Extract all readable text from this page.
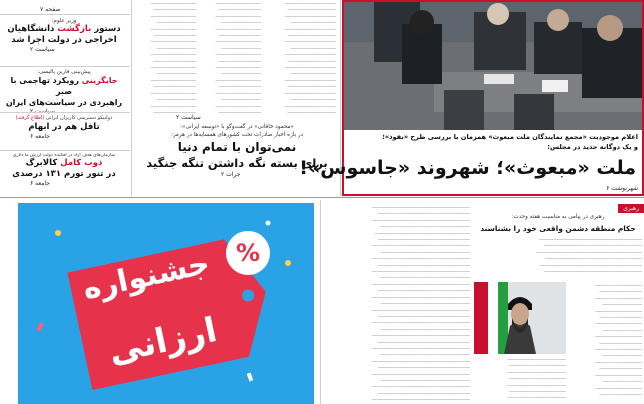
صفحه ۷
وزیر علوم:
دستور بازگشت دانشگاهیان
اخراجی در دولت اجرا شد
سیاست ۲
پیش‌بینی فارین پالیسی:
جایگزینی رویکرد تهاجمی با صبر
راهبردی در سیاست‌های ایران
دولتیکو دسترسی کارپزان ایرانی (اطلاع گرفته)
تافل هم در ابهام
جامعه ۶
سازمان‌های هدف آزاد در افکنده دولت ارزش ما دلاری
ذوب کامل کالابرگ
در تنور تورم ۱۳۱ درصدی
جامعه ۶
ـــــــــــــــــــــــــــــــ
ـــــــــــــــــــــــــــــ
ـــــــــــــــــــــــــــــــ
ـــــــــــــــــــــــــــ
ـــــــــــــــــــــــــــــــ
ـــــــــــــــــــــــــــــ
ـــــــــــــــــــــــــــــــ
ـــــــــــــــــــــــــــ
ـــــــــــــــــــــــــــــــ
ـــــــــــــــــــــــــــــ
ـــــــــــــــــــــــــــــــ
ـــــــــــــــــــــــــــ
ـــــــــــــــــــــــــــــــ
ـــــــــــــــــــــــــــــ
ـــــــــــــــــــــــــــــــ
ـــــــــــــــــــــــــــ
ـــــــــــــــــــــــــــــــ
ـــــــــــــــــــــــــــــ
ـــــــــــــــــــــــــــــــ
ـــــــــــــــــــــــــــــ
ـــــــــــــــــــــــــــــــ
ـــــــــــــــــــــــــــ
ـــــــــــــــــــــــــــــــ
ـــــــــــــــــــــــــــــ
ـــــــــــــــــــــــــــــــ
ـــــــــــــــــــــــــــ
ـــــــــــــــــــــــــــــــ
ـــــــــــــــــــــــــــــ
ـــــــــــــــــــــــــــــــ
ـــــــــــــــــــــــــــ
ـــــــــــــــــــــــــــــــ
ـــــــــــــــــــــــــــــ
ـــــــــــــــــــــــــــــــ
ـــــــــــــــــــــــــــ
ـــــــــــــــــــــــــــــــ
ـــــــــــــــــــــــــــــ
سیاست ۲
ـــــــــــــــــــــــــــــــــــ
ـــــــــــــــــــــــــــــــــ
ـــــــــــــــــــــــــــــــــــ
ـــــــــــــــــــــــــــــــ
ـــــــــــــــــــــــــــــــــــ
ـــــــــــــــــــــــــــــــــ
ـــــــــــــــــــــــــــــــــــ
ـــــــــــــــــــــــــــــــ
ـــــــــــــــــــــــــــــــــــ
ـــــــــــــــــــــــــــــــــ
ـــــــــــــــــــــــــــــــــــ
ـــــــــــــــــــــــــــــــ
ـــــــــــــــــــــــــــــــــــ
ـــــــــــــــــــــــــــــــــ
ـــــــــــــــــــــــــــــــــــ
ـــــــــــــــــــــــــــــــ
ـــــــــــــــــــــــــــــــــــ
ـــــــــــــــــــــــــــــــــ
«محمود خاقانی» در گفت‌وگو با «توسعه ایرانی»:
در بازه اخبار صادرات تحت کشورهای همسایه‌ها در هرمز:
نمی‌توان با تمام دنیا
برای بسته نگه داشتن تنگه جنگید
جرات ۲
اعلام موجودیت «مجمع نمایندگان ملت مبعوث» همزمان با بررسی طرح «نفوذ»؛
و یک دوگانه جدید در مجلس:
ملت «مبعوث»؛ شهروند «جاسوس»!
شهرنوشت ۶
%
جشنواره
ارزانی
ـــــــــــــــــــــــــــــــــــــــــــــــــــــــــــــــــــ
ـــــــــــــــــــــــــــــــــــــــــــــــــــــــــــــــ
ـــــــــــــــــــــــــــــــــــــــــــــــــــــــــــــــــــ
ـــــــــــــــــــــــــــــــــــــــــــــــــــــــــــــ
ـــــــــــــــــــــــــــــــــــــــــــــــــــــــــــــــــ
ـــــــــــــــــــــــــــــــــــــــــــــــــــــــــــــــ
ـــــــــــــــــــــــــــــــــــــــــــــــــــــــــــــــــــ
ـــــــــــــــــــــــــــــــــــــــــــــــــــــــــــــ
ـــــــــــــــــــــــــــــــــــــــــــــــــــــــــــــــــــ
ـــــــــــــــــــــــــــــــــــــــــــــــــــــــــــــــ
ـــــــــــــــــــــــــــــــــــــــــــــــــــــــــــــــــــ
ـــــــــــــــــــــــــــــــــــــــــــــــــــــــــــــ
ـــــــــــــــــــــــــــــــــــــــــــــــــــــــــــــــــــ
ـــــــــــــــــــــــــــــــــــــــــــــــــــــــــــــــ
ـــــــــــــــــــــــــــــــــــــــــــــــــــــــــــــــــــ
ـــــــــــــــــــــــــــــــــــــــــــــــــــــــــــــ
ـــــــــــــــــــــــــــــــــــــــــــــــــــــــــــــــــــ
ـــــــــــــــــــــــــــــــــــــــــــــــــــــــــــــــ
ـــــــــــــــــــــــــــــــــــــــــــــــــــــــــــــــــــ
ـــــــــــــــــــــــــــــــــــــــــــــــــــــــــــــ
ـــــــــــــــــــــــــــــــــــــــــــــــــــــــــــــــــــ
ـــــــــــــــــــــــــــــــــــــــــــــــــــــــــــــــ
ـــــــــــــــــــــــــــــــــــــــــــــــــــــــــــــــــــ
ـــــــــــــــــــــــــــــــــــــــــــــــــــــــــــــ
ـــــــــــــــــــــــــــــــــــــــــــــــــــــــــــــــــــ
ـــــــــــــــــــــــــــــــــــــــــــــــــــــــــــــــ
ـــــــــــــــــــــــــــــــــــــــــــــــــــــــــــــــــــ
ـــــــــــــــــــــــــــــــــــــــــــــــــــــــــــــ
ـــــــــــــــــــــــــــــــــــــــــــــــــــــــــــــــــــ
ـــــــــــــــــــــــــــــــــــــــــــــــــــــــــــــــ
ـــــــــــــــــــــــــــــــــــــــــــــــــــــــــــــــــــ
رهبری
رهبری در پیامی به مناسبت هفته وحدت:
حکام منطقه دشمن واقعی خود را بشناسند
ــــــــــــــــــــــــــــــــــــــــــــــــــــــــــــــــــــــ
ـــــــــــــــــــــــــــــــــــــــــــــــــــــــــــــــــــ
ــــــــــــــــــــــــــــــــــــــــــــــــــــــــــــــــــــــــ
ــــــــــــــــــــــــــــــــــــــــــــــــــــــــــــــــــ
ــــــــــــــــــــــــــــــــــــــــــــــــــــــــــــــــــــــ
ـــــــــــــــــــــــــــــــــــــــــــــــــــــــــــــــــــ
ــــــــــــــــــــــــــــــــ
ـــــــــــــــــــــــــــــ
ــــــــــــــــــــــــــــــــ
ـــــــــــــــــــــــــــ
ــــــــــــــــــــــــــــــــ
ـــــــــــــــــــــــــــــ
ــــــــــــــــــــــــــــــــ
ـــــــــــــــــــــــــــ
ــــــــــــــــــــــــــــــــ
ـــــــــــــــــــــــــــــ
ــــــــــــــــــــــــــــــــ
ـــــــــــــــــــــــــــ
ــــــــــــــــــــــــــــــــ
ـــــــــــــــــــــــــــــ
ــــــــــــــــــــــــــــــــ
ـــــــــــــــــــــــــــ
ــــــــــــــــــــــــــــــــ
ـــــــــــــــــــــــــــــ
ــــــــــــــــــــــــــــــــــــــــ
ـــــــــــــــــــــــــــــــــــــــ
ــــــــــــــــــــــــــــــــــــــــ
ـــــــــــــــــــــــــــــــــــــــ
ــــــــــــــــــــــــــــــــــــــــ
ـــــــــــــــــــــــــــــــــــــــ
ــــــــــــــــــــــــــــــــــــــــ
